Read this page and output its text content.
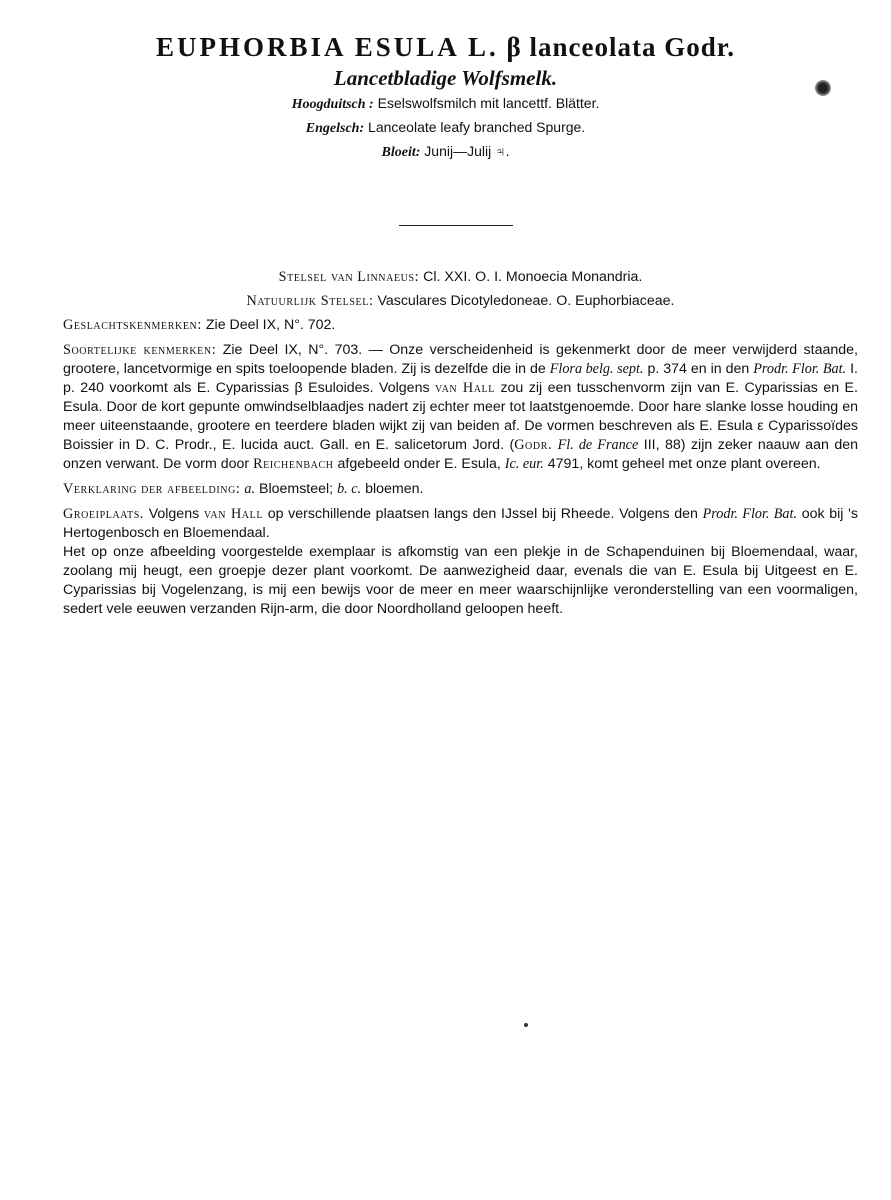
EUPHORBIA ESULA L. β lanceolata Godr.

Lancetbladige Wolfsmelk.

Hoogduitsch : Eselswolfsmilch mit lancettf. Blätter.

Engelsch: Lanceolate leafy branched Spurge.

Bloeit: Junij—Julij ♃.

Stelsel van Linnaeus: Cl. XXI. O. I. Monoecia Monandria.

Natuurlijk Stelsel: Vasculares Dicotyledoneae. O. Euphorbiaceae.

Geslachtskenmerken: Zie Deel IX, N°. 702.

Soortelijke kenmerken: Zie Deel IX, N°. 703. — Onze verscheidenheid is gekenmerkt door de meer verwijderd staande, grootere, lancetvormige en spits toeloopende bladen. Zij is dezelfde die in de Flora belg. sept. p. 374 en in den Prodr. Flor. Bat. I. p. 240 voorkomt als E. Cyparissias β Esuloides. Volgens van Hall zou zij een tusschenvorm zijn van E. Cyparissias en E. Esula. Door de kort gepunte omwindselblaadjes nadert zij echter meer tot laatstgenoemde. Door hare slanke losse houding en meer uiteenstaande, grootere en teerdere bladen wijkt zij van beiden af. De vormen beschreven als E. Esula ε Cyparissoïdes Boissier in D. C. Prodr., E. lucida auct. Gall. en E. salicetorum Jord. (Godr. Fl. de France III, 88) zijn zeker naauw aan den onzen verwant. De vorm door Reichenbach afgebeeld onder E. Esula, Ic. eur. 4791, komt geheel met onze plant overeen.

Verklaring der afbeelding: a. Bloemsteel; b. c. bloemen.

Groeiplaats. Volgens van Hall op verschillende plaatsen langs den IJssel bij Rheede. Volgens den Prodr. Flor. Bat. ook bij 's Hertogenbosch en Bloemendaal.

Het op onze afbeelding voorgestelde exemplaar is afkomstig van een plekje in de Schapenduinen bij Bloemendaal, waar, zoolang mij heugt, een groepje dezer plant voorkomt. De aanwezigheid daar, evenals die van E. Esula bij Uitgeest en E. Cyparissias bij Vogelenzang, is mij een bewijs voor de meer en meer waarschijnlijke veronderstelling van een voormaligen, sedert vele eeuwen verzanden Rijn-arm, die door Noordholland geloopen heeft.
